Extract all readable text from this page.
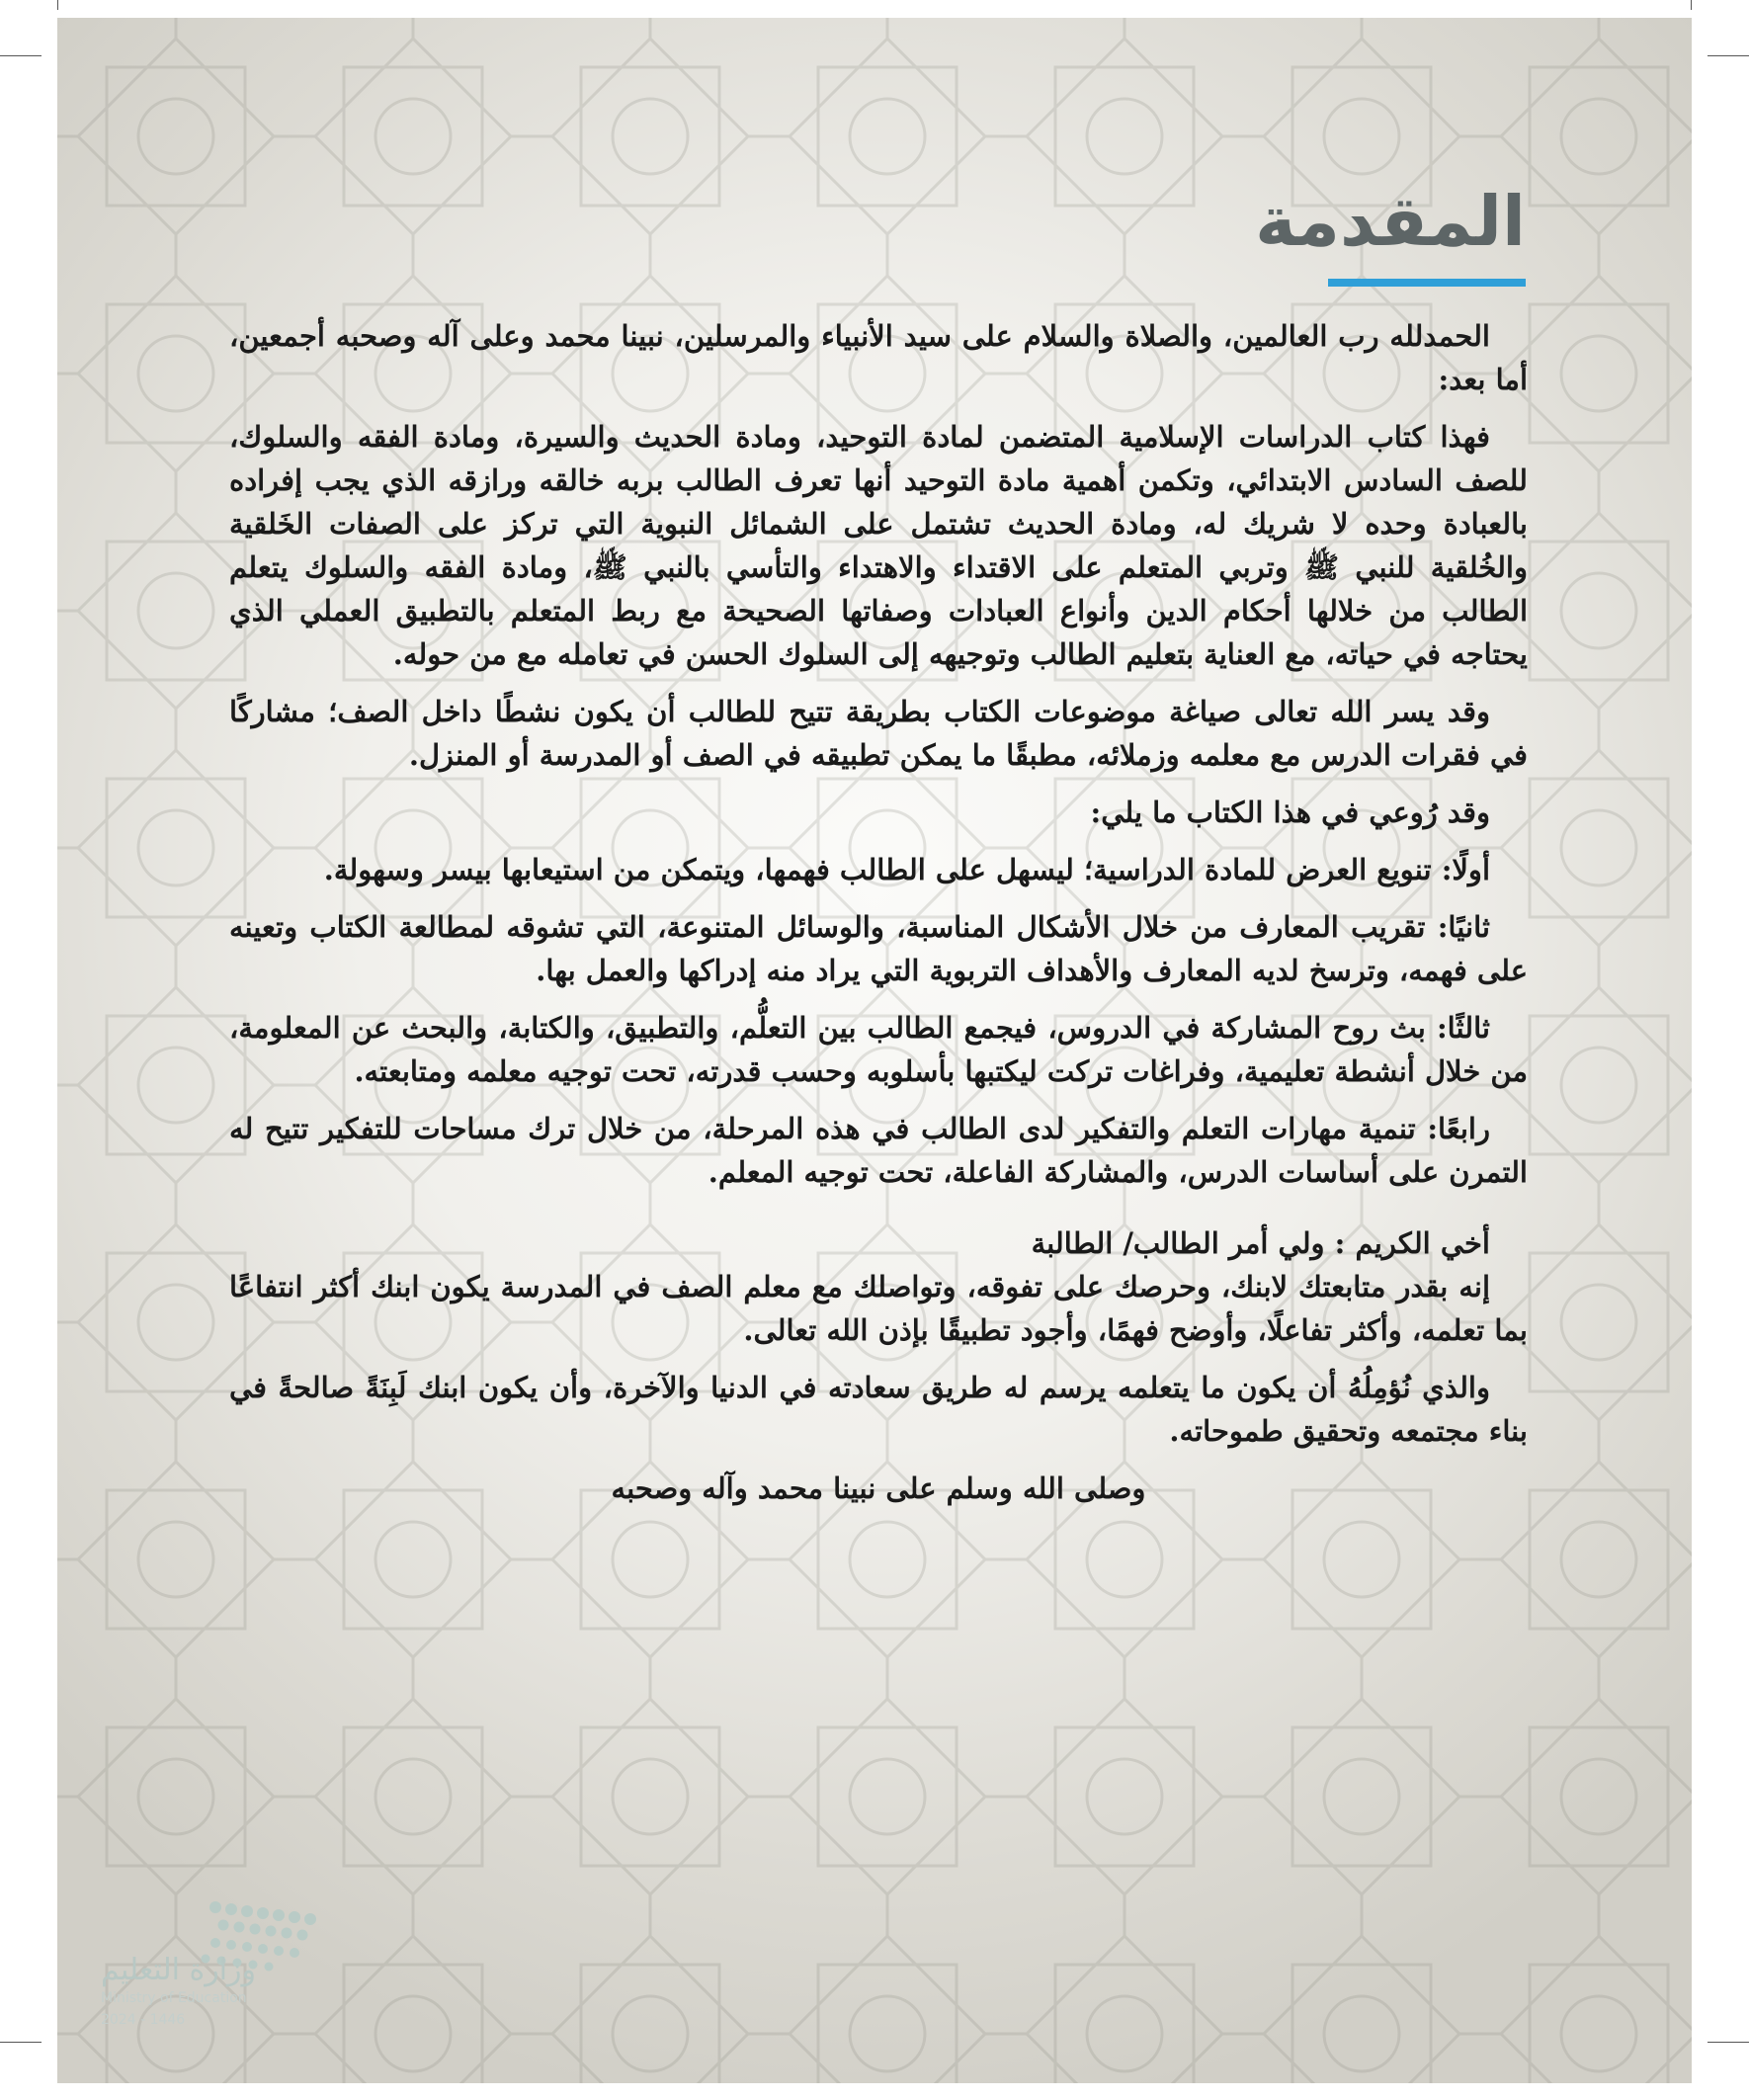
المقدمة

الحمدلله رب العالمين، والصلاة والسلام على سيد الأنبياء والمرسلين، نبينا محمد وعلى آله وصحبه أجمعين، أما بعد:

فهذا كتاب الدراسات الإسلامية المتضمن لمادة التوحيد، ومادة الحديث والسيرة، ومادة الفقه والسلوك، للصف السادس الابتدائي، وتكمن أهمية مادة التوحيد أنها تعرف الطالب بربه خالقه ورازقه الذي يجب إفراده بالعبادة وحده لا شريك له، ومادة الحديث تشتمل على الشمائل النبوية التي تركز على الصفات الخَلقية والخُلقية للنبي ﷺ وتربي المتعلم على الاقتداء والاهتداء والتأسي بالنبي ﷺ، ومادة الفقه والسلوك يتعلم الطالب من خلالها أحكام الدين وأنواع العبادات وصفاتها الصحيحة مع ربط المتعلم بالتطبيق العملي الذي يحتاجه في حياته، مع العناية بتعليم الطالب وتوجيهه إلى السلوك الحسن في تعامله مع من حوله.

وقد يسر الله تعالى صياغة موضوعات الكتاب بطريقة تتيح للطالب أن يكون نشطًا داخل الصف؛ مشاركًا في فقرات الدرس مع معلمه وزملائه، مطبقًا ما يمكن تطبيقه في الصف أو المدرسة أو المنزل.

وقد رُوعي في هذا الكتاب ما يلي:

أولًا: تنويع العرض للمادة الدراسية؛ ليسهل على الطالب فهمها، ويتمكن من استيعابها بيسر وسهولة.

ثانيًا: تقريب المعارف من خلال الأشكال المناسبة، والوسائل المتنوعة، التي تشوقه لمطالعة الكتاب وتعينه على فهمه، وترسخ لديه المعارف والأهداف التربوية التي يراد منه إدراكها والعمل بها.

ثالثًا: بث روح المشاركة في الدروس، فيجمع الطالب بين التعلُّم، والتطبيق، والكتابة، والبحث عن المعلومة، من خلال أنشطة تعليمية، وفراغات تركت ليكتبها بأسلوبه وحسب قدرته، تحت توجيه معلمه ومتابعته.

رابعًا: تنمية مهارات التعلم والتفكير لدى الطالب في هذه المرحلة، من خلال ترك مساحات للتفكير تتيح له التمرن على أساسات الدرس، والمشاركة الفاعلة، تحت توجيه المعلم.

أخي الكريم : ولي أمر الطالب/ الطالبة

إنه بقدر متابعتك لابنك، وحرصك على تفوقه، وتواصلك مع معلم الصف في المدرسة يكون ابنك أكثر انتفاعًا بما تعلمه، وأكثر تفاعلًا، وأوضح فهمًا، وأجود تطبيقًا بإذن الله تعالى.

والذي نُؤمِلُهُ أن يكون ما يتعلمه يرسم له طريق سعادته في الدنيا والآخرة، وأن يكون ابنك لَبِنَةً صالحةً في بناء مجتمعه وتحقيق طموحاته.

وصلى الله وسلم على نبينا محمد وآله وصحبه

وزارة التعليم
Ministry of Education
2024 - 1446
